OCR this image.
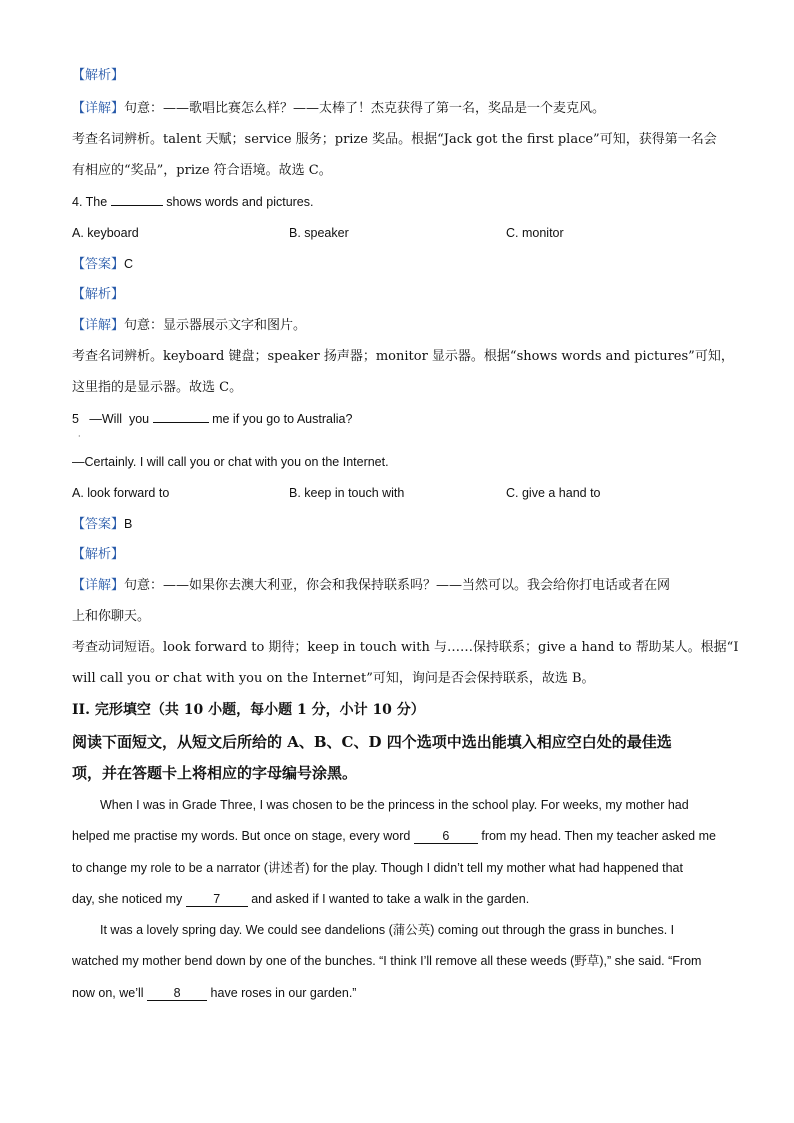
【解析】
【详解】句意：——歌唱比赛怎么样？——太棒了！杰克获得了第一名，奖品是一个麦克风。
考查名词辨析。talent 天赋；service 服务；prize 奖品。根据“Jack got the first place”可知，获得第一名会
有相应的“奖品”，prize 符合语境。故选 C。
4. The	shows words and pictures.
A. keyboard	B. speaker	C. monitor
【答案】C
【解析】
【详解】句意：显示器展示文字和图片。
考查名词辨析。keyboard 键盘；speaker 扬声器；monitor 显示器。根据“shows words and pictures”可知，
这里指的是显示器。故选 C。
5   —Will  you	me if you go to Australia?
·
—Certainly. I will call you or chat with you on the Internet.
A. look forward to	B. keep in touch with	C. give a hand to
【答案】B
【解析】
【详解】句意：——如果你去澳大利亚，你会和我保持联系吗？——当然可以。我会给你打电话或者在网
上和你聊天。
考查动词短语。look forward to 期待；keep in touch with 与……保持联系；give a hand to 帮助某人。根据“I
will call you or chat with you on the Internet”可知，询问是否会保持联系，故选 B。
II. 完形填空（共 10 小题，每小题 1 分，小计 10 分）
阅读下面短文，从短文后所给的 A、B、C、D 四个选项中选出能填入相应空白处的最佳选
项，并在答题卡上将相应的字母编号涂黑。
When I was in Grade Three, I was chosen to be the princess in the school play. For weeks, my mother had
helped me practise my words. But once on stage, every word	6	from my head. Then my teacher asked me
to change my role to be a narrator (讲述者) for the play. Though I didn’t tell my mother what had happened that
day, she noticed my 7 and asked if I wanted to take a walk in the garden.
It was a lovely spring day. We could see dandelions (蒲公英) coming out through the grass in bunches. I
watched my mother bend down by one of the bunches. “I think I’ll remove all these weeds (野草),” she said. “From
now on, we’ll 8 have roses in our garden.”
